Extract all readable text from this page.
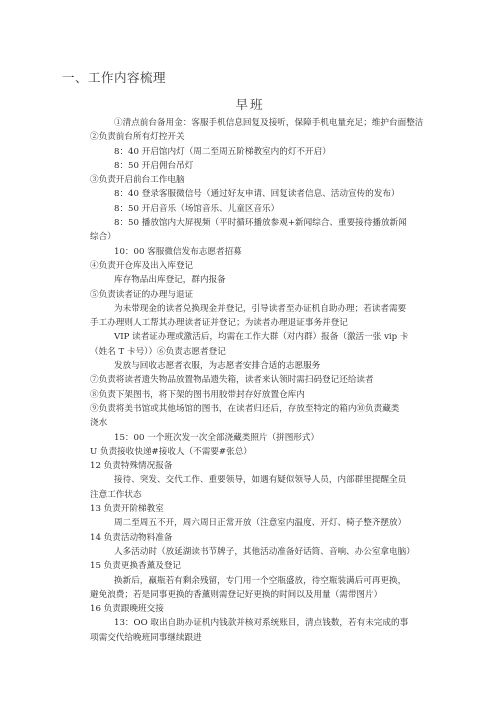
一、工作内容梳理
早班
①清点前台备用金：客服手机信息回复及接听，保障手机电量充足；维护台面整洁
②负责前台所有灯控开关
8：40 开启馆内灯（周二至周五阶梯教室内的灯不开启）
8：50 开启佣台吊灯
③负责开启前台工作电脑
8：40 登录客服微信号（通过好友申请、回复读者信息、活动宣传的发布）
8：50 开启音乐（场馆音乐、儿童区音乐）
8：50 播放馆内大屏视频（平时循环播放参观+新闻综合、重要接待播放新闻
综合）
10：00 客服微信发布志愿者招募
④负责开仓库及出入库登记
库存物品出库登记，群内报备
⑤负责读者证的办理与退证
为未带现金的读者兑换现金并登记，引导读者至办证机自助办理；若读者需要
手工办理则人工帮其办理读者证并登记；为读者办理退证事务并登记
VIP 读者证办理或激活后，均需在工作大群（对内群）报备（激活一张 vip 卡
（姓名 T 卡号））⑥负责志愿者登记
发放与回收志愿者衣服，为志愿者安排合适的志愿服务
⑦负责将读者遗失物品放置物品遗失箱，读者来认领时需扫码登记还给读者
⑧负责下架图书，将下架的图书用胶带封存好放置仓库内
⑨负责将美书馆或其他场馆的图书，在读者归还后，存放至特定的箱内⑩负责藏类
浇水
15：00 一个班次发一次全部浇藏类照片（拼图形式）
U 负责接收快递#接收人（不需要#张总）
12 负责特殊情况报备
接待、突发、交代工作、重要领导，如遇有疑似领导人员，内部群里提醒全员
注意工作状态
13 负责开阶梯教室
周二至周五不开，周六周日正常开放（注意室内温度、开灯、椅子整齐摆放）
14 负责活动物料准备
人多活动时（放延湖读书节牌子，其他活动准备好话筒、音响、办公室拿电脑）
15 负责更换香薰及登记
换新后，羸瓶若有剩余残留，专门用一个空瓶盛放，待空瓶装满后可再更换，
避免浪费；若是同事更换的香薰则需登记好更换的时间以及用量（需带图片）
16 负责跟晚班交接
13：OO 取出自助办证机内钱款并核对系统账目，清点钱数，若有未完成的事
项需交代给晚班同事继续跟进
